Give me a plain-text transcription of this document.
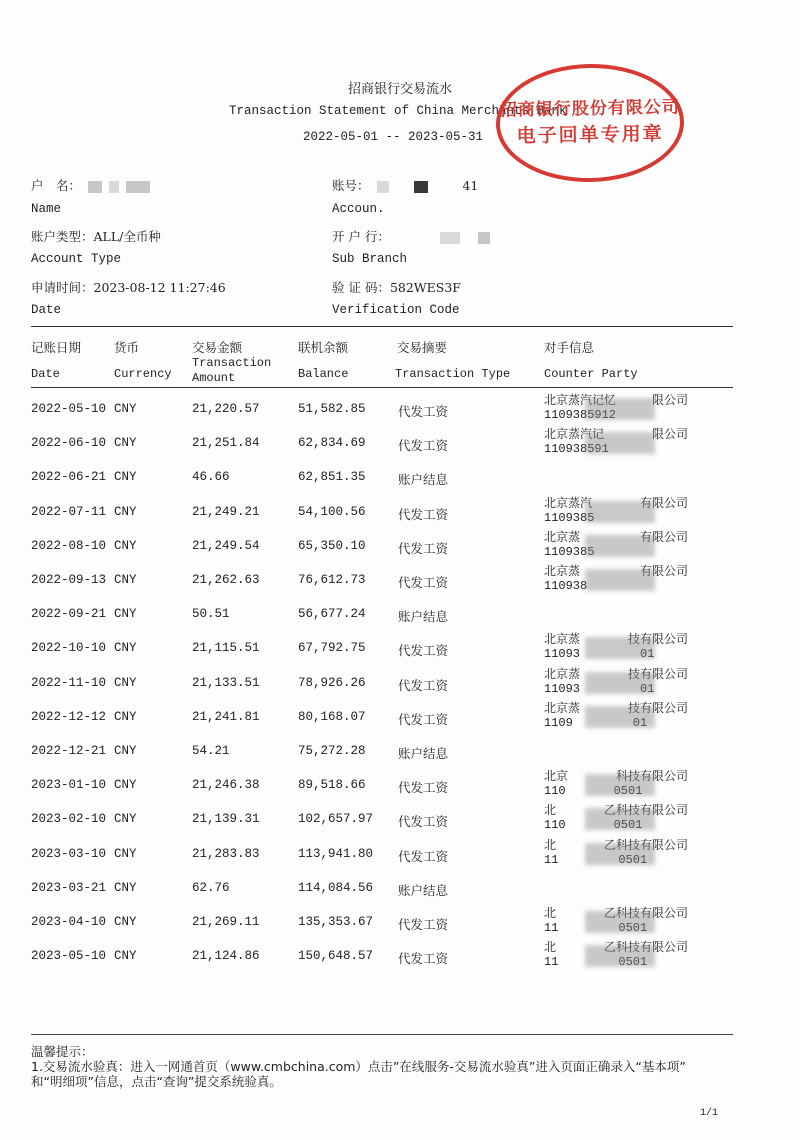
招商银行交易流水
Transaction Statement of China Merchants Bank
2022-05-01 -- 2023-05-31
招商银行股份有限公司
电子回单专用章
户　名：
Name
账号：	41
Accoun.
账户类型：ALL/全币种
Account Type
开 户 行：
Sub Branch
申请时间：2023-08-12 11:27:46
Date
验 证 码：582WES3F
Verification Code
记账日期	货币	交易金额	联机余额	交易摘要	对手信息
Date	Currency
Transaction
Amount	Balance	Transaction Type	Counter Party
2022-05-10 CNY	21,220.57	51,582.85	代发工资
北京蒸汽记忆　　　限公司
1109385912
2022-06-10 CNY	21,251.84	62,834.69	代发工资
北京蒸汽记　　　　限公司
110938591
2022-06-21 CNY	46.66	62,851.35	账户结息
2022-07-11 CNY	21,249.21	54,100.56	代发工资
北京蒸汽　　　　有限公司
1109385
2022-08-10 CNY	21,249.54	65,350.10	代发工资
北京蒸　　　　　有限公司
1109385
2022-09-13 CNY	21,262.63	76,612.73	代发工资
北京蒸　　　　　有限公司
110938
2022-09-21 CNY	50.51	56,677.24	账户结息
2022-10-10 CNY	21,115.51	67,792.75	代发工资
北京蒸　　　　技有限公司
11093　　　　　01
2022-11-10 CNY	21,133.51	78,926.26	代发工资
北京蒸　　　　技有限公司
11093　　　　　01
2022-12-12 CNY	21,241.81	80,168.07	代发工资
北京蒸　　　　技有限公司
1109　　　　　01
2022-12-21 CNY	54.21	75,272.28	账户结息
2023-01-10 CNY	21,246.38	89,518.66	代发工资
北京　　　　科技有限公司
110　　　　0501
2023-02-10 CNY	21,139.31	102,657.97 代发工资
北　　　　乙科技有限公司
110　　　　0501
2023-03-10 CNY	21,283.83	113,941.80 代发工资
北　　　　乙科技有限公司
11　　　　　0501
2023-03-21 CNY	62.76	114,084.56 账户结息
2023-04-10 CNY	21,269.11	135,353.67 代发工资
北　　　　乙科技有限公司
11　　　　　0501
2023-05-10 CNY	21,124.86	150,648.57 代发工资
北　　　　乙科技有限公司
11　　　　　0501
温馨提示：
1.交易流水验真：进入一网通首页（www.cmbchina.com）点击”在线服务-交易流水验真”进入页面正确录入“基本项”
和“明细项”信息，点击“查询”提交系统验真。
1/1
